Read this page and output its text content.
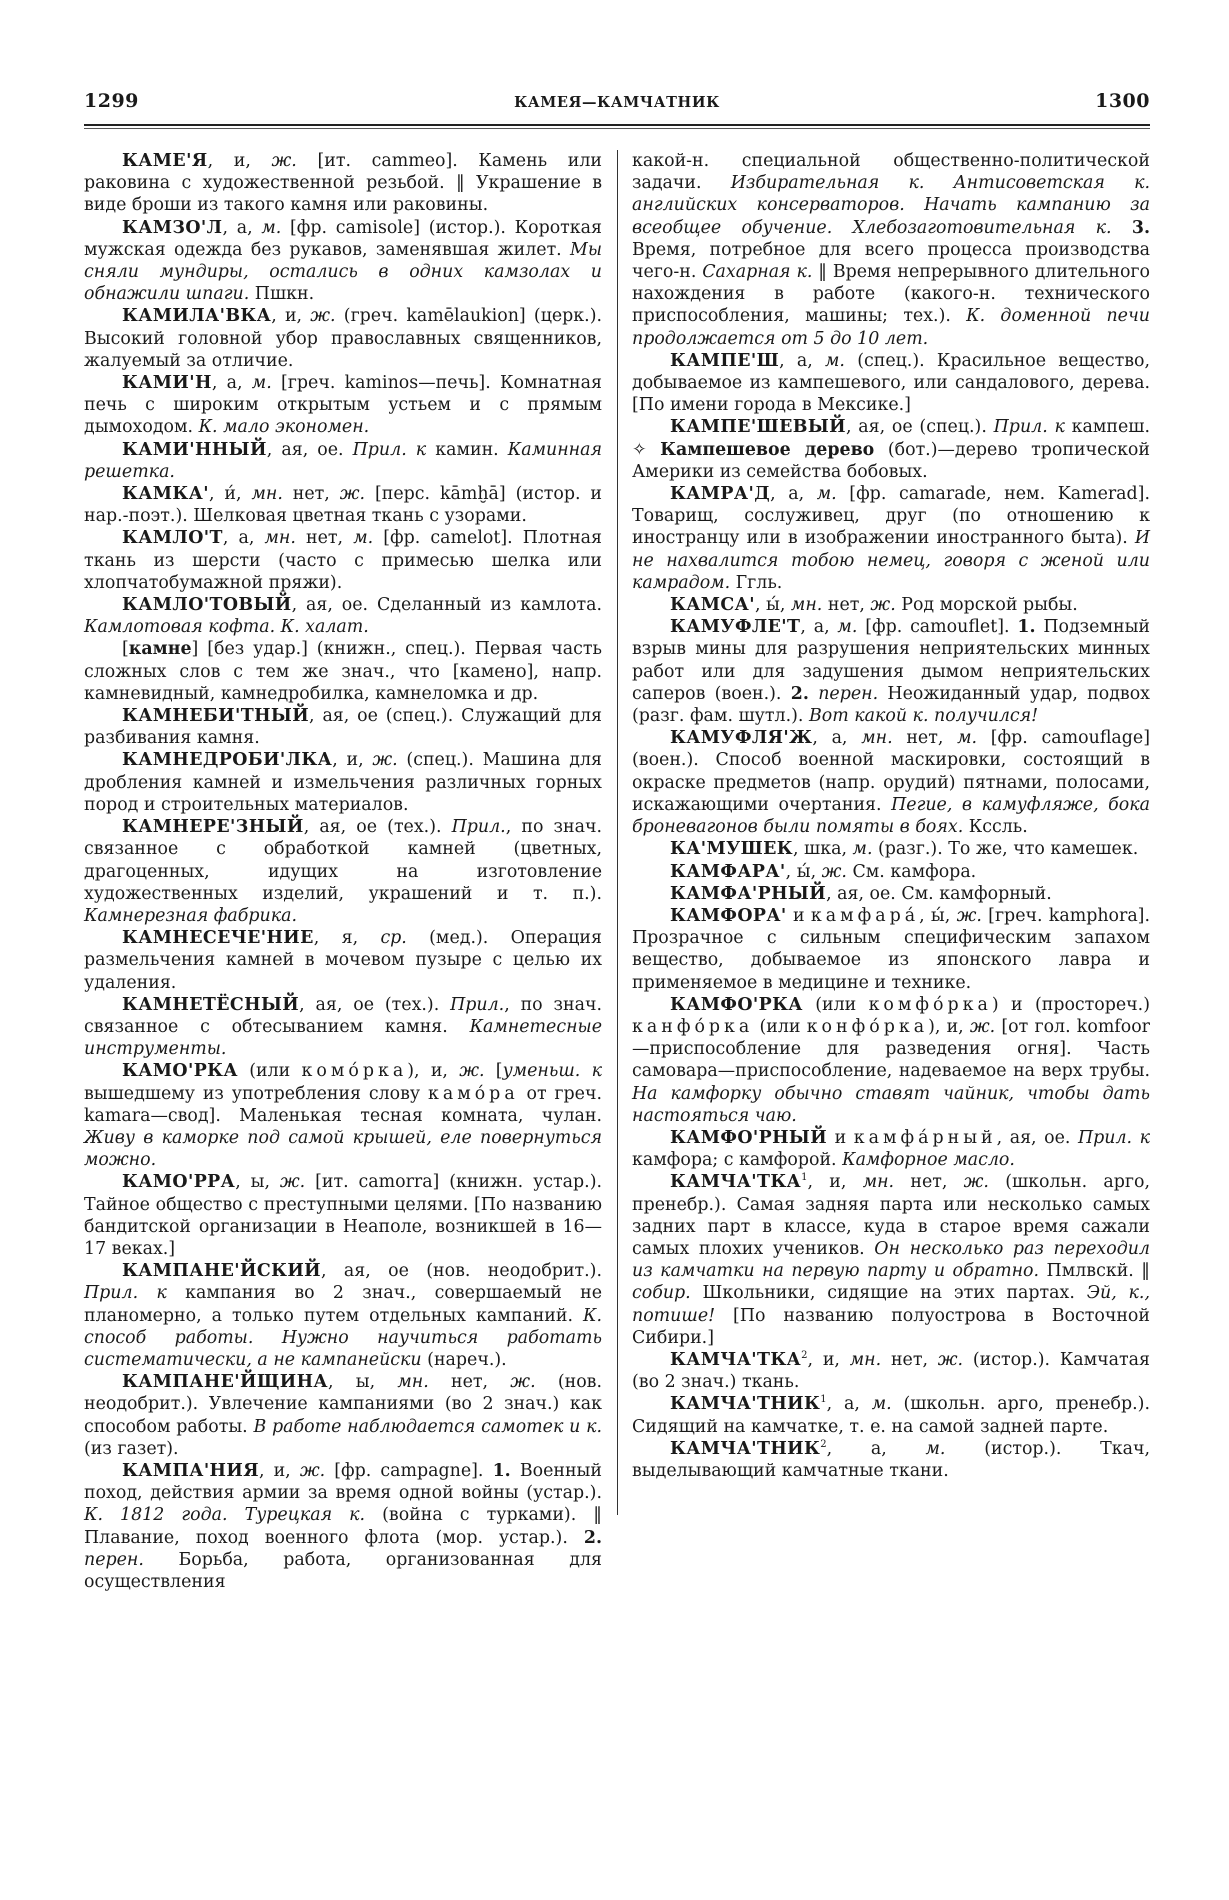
1299	КАМЕЯ—КАМЧАТНИК	1300

КАМЕ'Я, и, ж. [ит. cammeo]. Камень или раковина с художественной резьбой. ‖ Украшение в виде броши из такого камня или раковины.

КАМЗО'Л, а, м. [фр. camisole] (истор.). Короткая мужская одежда без рукавов, заменявшая жилет. Мы сняли мундиры, остались в одних камзолах и обнажили шпаги. Пшкн.

КАМИЛА'ВКА, и, ж. (греч. kamēlaukion] (церк.). Высокий головной убор православных священников, жалуемый за отличие.

КАМИ'Н, а, м. [греч. kaminos—печь]. Комнатная печь с широким открытым устьем и с прямым дымоходом. К. мало экономен.

КАМИ'ННЫЙ, ая, ое. Прил. к камин. Каминная решетка.

КАМКА', и́, мн. нет, ж. [перс. kāmḫā] (истор. и нар.-поэт.). Шелковая цветная ткань с узорами.

КАМЛО'Т, а, мн. нет, м. [фр. camelot]. Плотная ткань из шерсти (часто с примесью шелка или хлопчатобумажной пряжи).

КАМЛО'ТОВЫЙ, ая, ое. Сделанный из камлота. Камлотовая кофта. К. халат.

[камне] [без удар.] (книжн., спец.). Первая часть сложных слов с тем же знач., что [камено], напр. камневидный, камнедробилка, камнеломка и др.

КАМНЕБИ'ТНЫЙ, ая, ое (спец.). Служащий для разбивания камня.

КАМНЕДРОБИ'ЛКА, и, ж. (спец.). Машина для дробления камней и измельчения различных горных пород и строительных материалов.

КАМНЕРЕ'ЗНЫЙ, ая, ое (тех.). Прил., по знач. связанное с обработкой камней (цветных, драгоценных, идущих на изготовление художественных изделий, украшений и т. п.). Камнерезная фабрика.

КАМНЕСЕЧЕ'НИЕ, я, ср. (мед.). Операция размельчения камней в мочевом пузыре с целью их удаления.

КАМНЕТЁСНЫЙ, ая, ое (тех.). Прил., по знач. связанное с обтесыванием камня. Камнетесные инструменты.

КАМО'РКА (или комо́рка), и, ж. [уменьш. к вышедшему из употребления слову камо́ра от греч. kamara—свод]. Маленькая тесная комната, чулан. Живу в каморке под самой крышей, еле повернуться можно.

КАМО'РРА, ы, ж. [ит. camorra] (книжн. устар.). Тайное общество с преступными целями. [По названию бандитской организации в Неаполе, возникшей в 16—17 веках.]

КАМПАНЕ'ЙСКИЙ, ая, ое (нов. неодобрит.). Прил. к кампания во 2 знач., совершаемый не планомерно, а только путем отдельных кампаний. К. способ работы. Нужно научиться работать систематически, а не кампанейски (нареч.).

КАМПАНЕ'ЙЩИНА, ы, мн. нет, ж. (нов. неодобрит.). Увлечение кампаниями (во 2 знач.) как способом работы. В работе наблюдается самотек и к. (из газет).

КАМПА'НИЯ, и, ж. [фр. campagne]. 1. Военный поход, действия армии за время одной войны (устар.). К. 1812 года. Турецкая к. (война с турками). ‖ Плавание, поход военного флота (мор. устар.). 2. перен. Борьба, работа, организованная для осуществления

какой-н. специальной общественно-политической задачи. Избирательная к. Антисоветская к. английских консерваторов. Начать кампанию за всеобщее обучение. Хлебозаготовительная к. 3. Время, потребное для всего процесса производства чего-н. Сахарная к. ‖ Время непрерывного длительного нахождения в работе (какого-н. технического приспособления, машины; тех.). К. доменной печи продолжается от 5 до 10 лет.

КАМПЕ'Ш, а, м. (спец.). Красильное вещество, добываемое из кампешевого, или сандалового, дерева. [По имени города в Мексике.]

КАМПЕ'ШЕВЫЙ, ая, ое (спец.). Прил. к кампеш. ✧ Кампешевое дерево (бот.)—дерево тропической Америки из семейства бобовых.

КАМРА'Д, а, м. [фр. camarade, нем. Kamerad]. Товарищ, сослуживец, друг (по отношению к иностранцу или в изображении иностранного быта). И не нахвалится тобою немец, говоря с женой или камрадом. Ггль.

КАМСА', ы́, мн. нет, ж. Род морской рыбы.

КАМУФЛЕ'Т, а, м. [фр. camouflet]. 1. Подземный взрыв мины для разрушения неприятельских минных работ или для задушения дымом неприятельских саперов (воен.). 2. перен. Неожиданный удар, подвох (разг. фам. шутл.). Вот какой к. получился!

КАМУФЛЯ'Ж, а, мн. нет, м. [фр. camouflage] (воен.). Способ военной маскировки, состоящий в окраске предметов (напр. орудий) пятнами, полосами, искажающими очертания. Пегие, в камуфляже, бока броневагонов были помяты в боях. Кссль.

КА'МУШЕК, шка, м. (разг.). То же, что камешек.

КАМФАРА', ы́, ж. См. камфора.

КАМФА'РНЫЙ, ая, ое. См. камфорный.

КАМФОРА' и камфара́, ы́, ж. [греч. kamphora]. Прозрачное с сильным специфическим запахом вещество, добываемое из японского лавра и применяемое в медицине и технике.

КАМФО'РКА (или комфо́рка) и (простореч.) канфо́рка (или конфо́рка), и, ж. [от гол. komfoor—приспособление для разведения огня]. Часть самовара—приспособление, надеваемое на верх трубы. На камфорку обычно ставят чайник, чтобы дать настояться чаю.

КАМФО'РНЫЙ и камфа́рный, ая, ое. Прил. к камфора; с камфорой. Камфорное масло.

КАМЧА'ТКА$^1$, и, мн. нет, ж. (школьн. арго, пренебр.). Самая задняя парта или несколько самых задних парт в классе, куда в старое время сажали самых плохих учеников. Он несколько раз переходил из камчатки на первую парту и обратно. Пмлвскй. ‖ собир. Школьники, сидящие на этих партах. Эй, к., потише! [По названию полуострова в Восточной Сибири.]

КАМЧА'ТКА$^2$, и, мн. нет, ж. (истор.). Камчатая (во 2 знач.) ткань.

КАМЧА'ТНИК$^1$, а, м. (школьн. арго, пренебр.). Сидящий на камчатке, т. е. на самой задней парте.

КАМЧА'ТНИК$^2$, а, м. (истор.). Ткач, выделывающий камчатные ткани.
